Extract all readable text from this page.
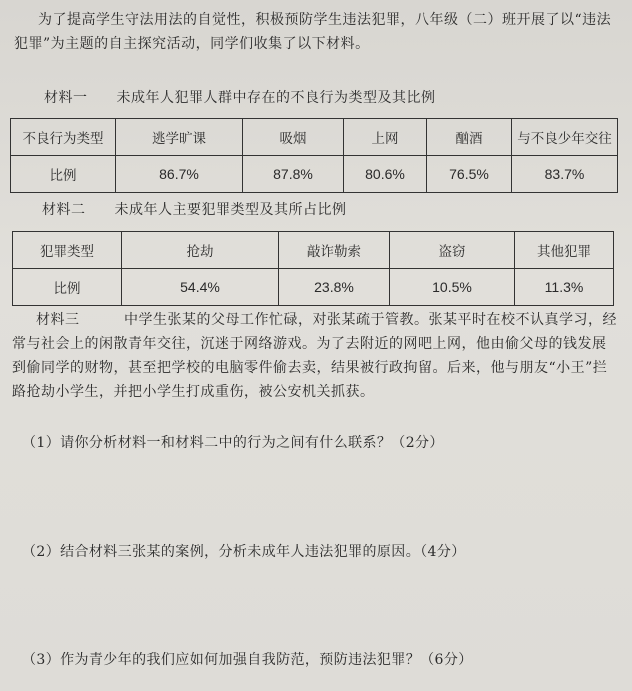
为了提高学生守法用法的自觉性，积极预防学生违法犯罪，八年级（二）班开展了以“违法犯罪”为主题的自主探究活动，同学们收集了以下材料。
材料一　　未成年人犯罪人群中存在的不良行为类型及其比例
不良行为类型	逃学旷课	吸烟	上网	酗酒	与不良少年交往
比例	86.7%	87.8%	80.6%	76.5%	83.7%
材料二　　未成年人主要犯罪类型及其所占比例
犯罪类型	抢劫	敲诈勒索	盗窃	其他犯罪
比例	54.4%	23.8%	10.5%	11.3%
材料三	中学生张某的父母工作忙碌，对张某疏于管教。张某平时在校不认真学习，经常与社会上的闲散青年交往，沉迷于网络游戏。为了去附近的网吧上网，他由偷父母的钱发展到偷同学的财物，甚至把学校的电脑零件偷去卖，结果被行政拘留。后来，他与朋友“小王”拦路抢劫小学生，并把小学生打成重伤，被公安机关抓获。
（1）请你分析材料一和材料二中的行为之间有什么联系？（2分）
（2）结合材料三张某的案例，分析未成年人违法犯罪的原因。（4分）
（3）作为青少年的我们应如何加强自我防范，预防违法犯罪？（6分）
